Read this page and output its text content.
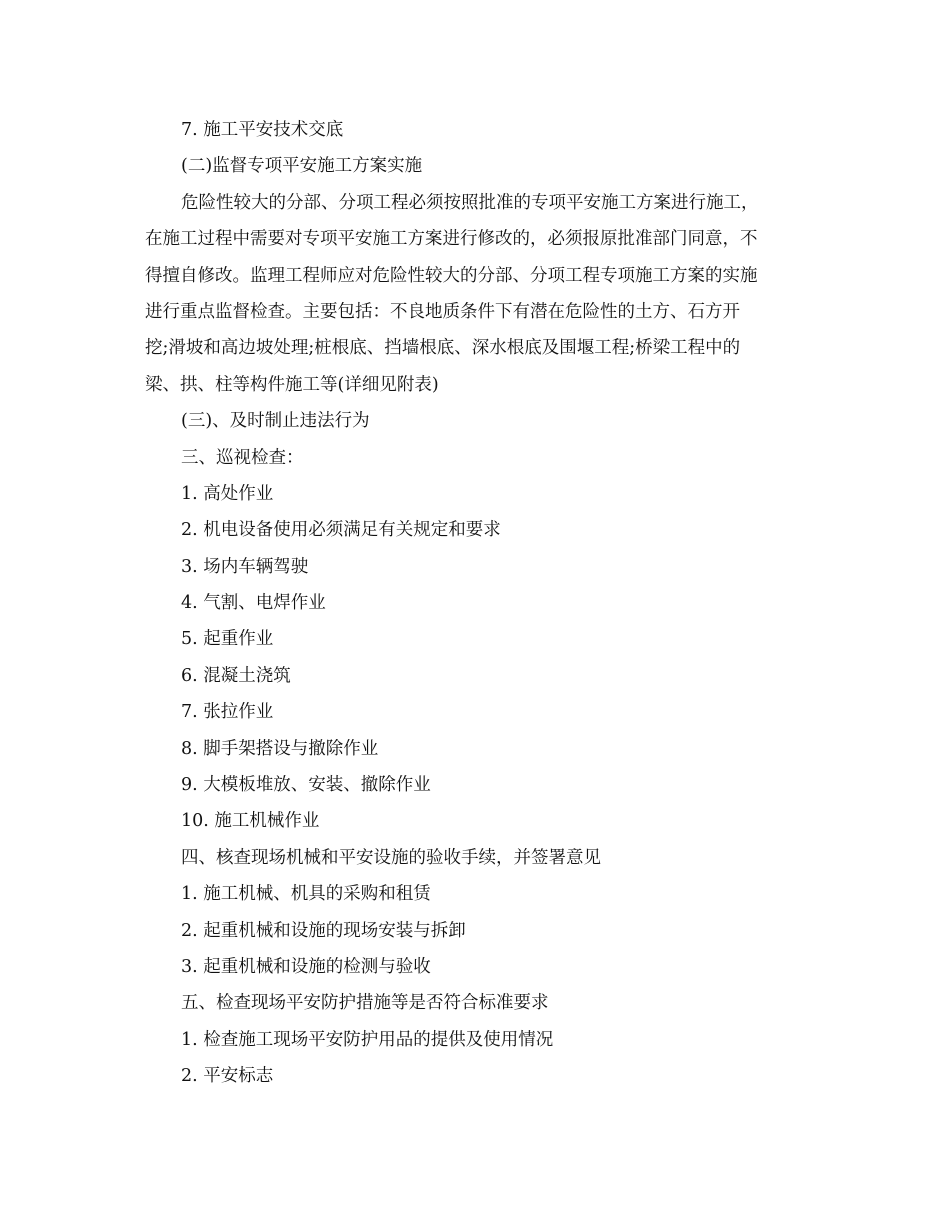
7. 施工平安技术交底
(二)监督专项平安施工方案实施
危险性较大的分部、分项工程必须按照批准的专项平安施工方案进行施工，
在施工过程中需要对专项平安施工方案进行修改的，必须报原批准部门同意，不
得擅自修改。监理工程师应对危险性较大的分部、分项工程专项施工方案的实施
进行重点监督检查。主要包括：不良地质条件下有潜在危险性的土方、石方开
挖;滑坡和高边坡处理;桩根底、挡墙根底、深水根底及围堰工程;桥梁工程中的
梁、拱、柱等构件施工等(详细见附表)
(三)、及时制止违法行为
三、巡视检查：
1. 高处作业
2. 机电设备使用必须满足有关规定和要求
3. 场内车辆驾驶
4. 气割、电焊作业
5. 起重作业
6. 混凝土浇筑
7. 张拉作业
8. 脚手架搭设与撤除作业
9. 大模板堆放、安装、撤除作业
10. 施工机械作业
四、核查现场机械和平安设施的验收手续，并签署意见
1. 施工机械、机具的采购和租赁
2. 起重机械和设施的现场安装与拆卸
3. 起重机械和设施的检测与验收
五、检查现场平安防护措施等是否符合标准要求
1. 检查施工现场平安防护用品的提供及使用情况
2. 平安标志
